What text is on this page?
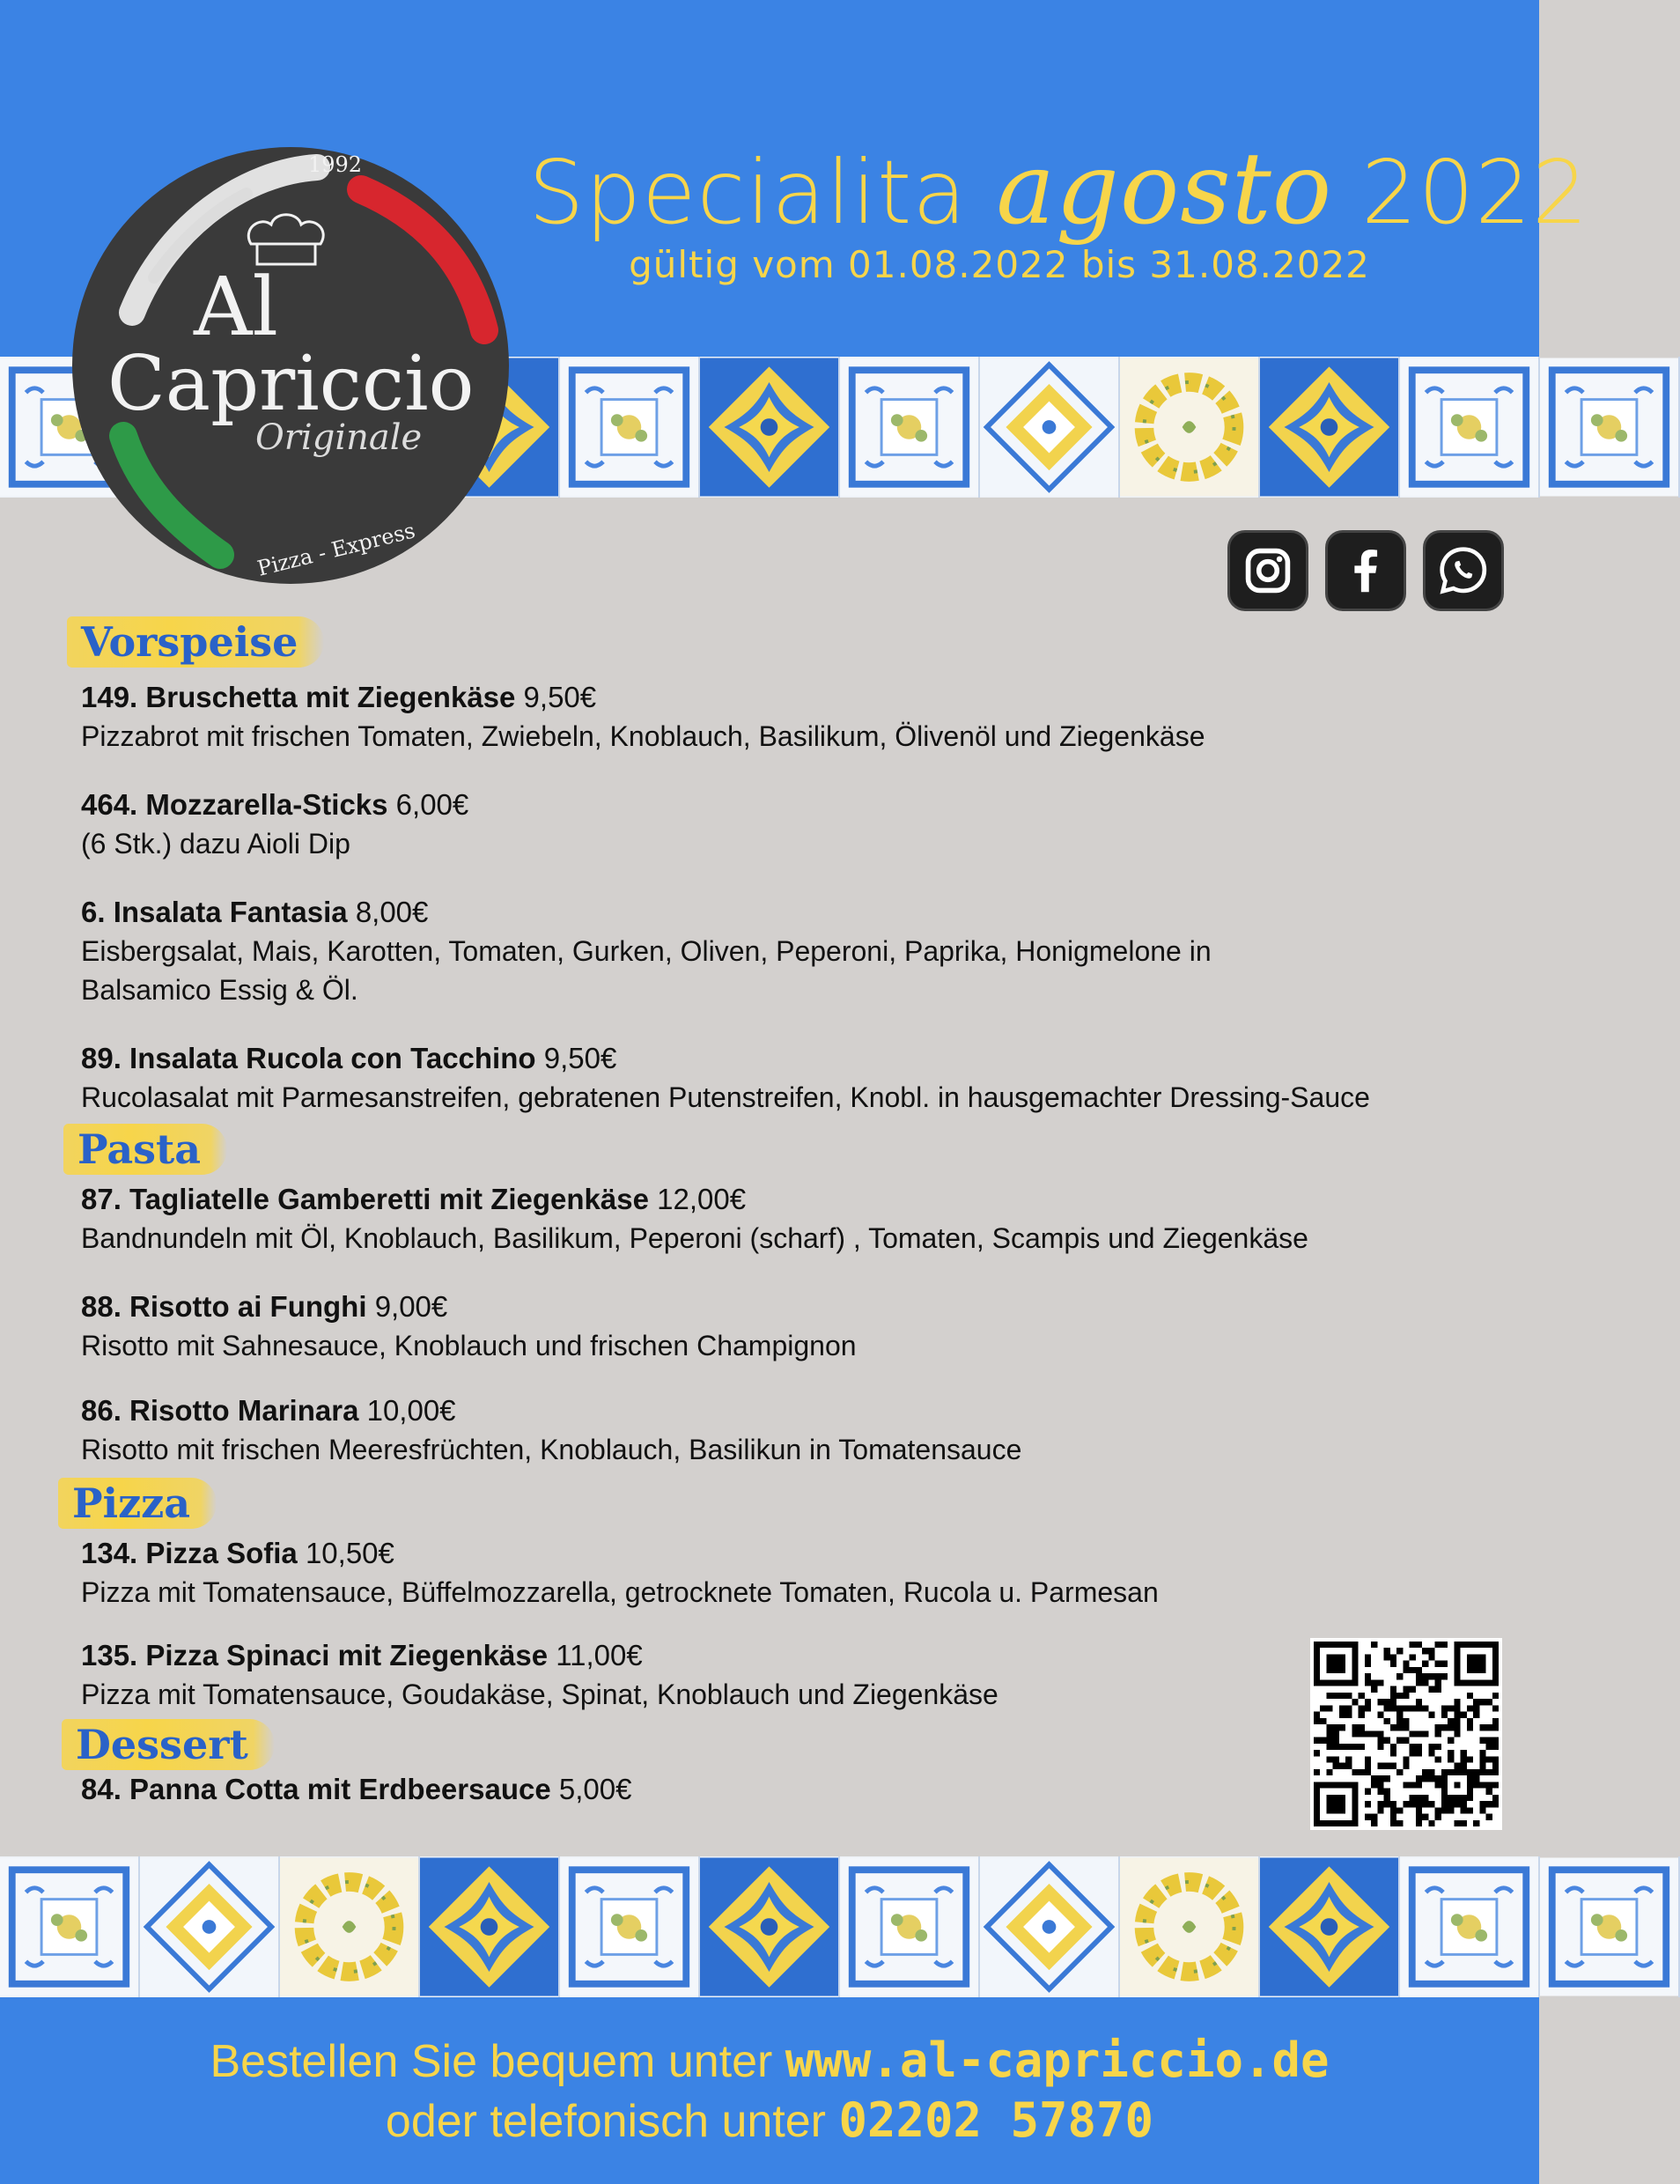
Specialita agosto 2022
gültig vom 01.08.2022 bis 31.08.2022
1992
Al
Capriccio
Originale
Pizza - Express
Vorspeise
149. Bruschetta mit Ziegenkäse 9,50€
Pizzabrot mit frischen Tomaten, Zwiebeln, Knoblauch, Basilikum, Ölivenöl und Ziegenkäse
464. Mozzarella-Sticks 6,00€
(6 Stk.) dazu Aioli Dip
6. Insalata Fantasia 8,00€
Eisbergsalat, Mais, Karotten, Tomaten, Gurken, Oliven, Peperoni, Paprika, Honigmelone in
Balsamico Essig & Öl.
89. Insalata Rucola con Tacchino 9,50€
Rucolasalat mit Parmesanstreifen, gebratenen Putenstreifen, Knobl. in hausgemachter Dressing-Sauce
Pasta
87. Tagliatelle Gamberetti mit Ziegenkäse 12,00€
Bandnundeln mit Öl, Knoblauch, Basilikum, Peperoni (scharf) , Tomaten, Scampis und Ziegenkäse
88. Risotto ai Funghi 9,00€
Risotto mit Sahnesauce, Knoblauch und frischen Champignon
86. Risotto Marinara 10,00€
Risotto mit frischen Meeresfrüchten, Knoblauch, Basilikun in Tomatensauce
Pizza
134. Pizza Sofia 10,50€
Pizza mit Tomatensauce, Büffelmozzarella, getrocknete Tomaten, Rucola u. Parmesan
135. Pizza Spinaci mit Ziegenkäse 11,00€
Pizza mit Tomatensauce, Goudakäse, Spinat, Knoblauch und Ziegenkäse
Dessert
84. Panna Cotta mit Erdbeersauce 5,00€
Bestellen Sie bequem unter www.al-capriccio.de
oder telefonisch unter 02202 57870
